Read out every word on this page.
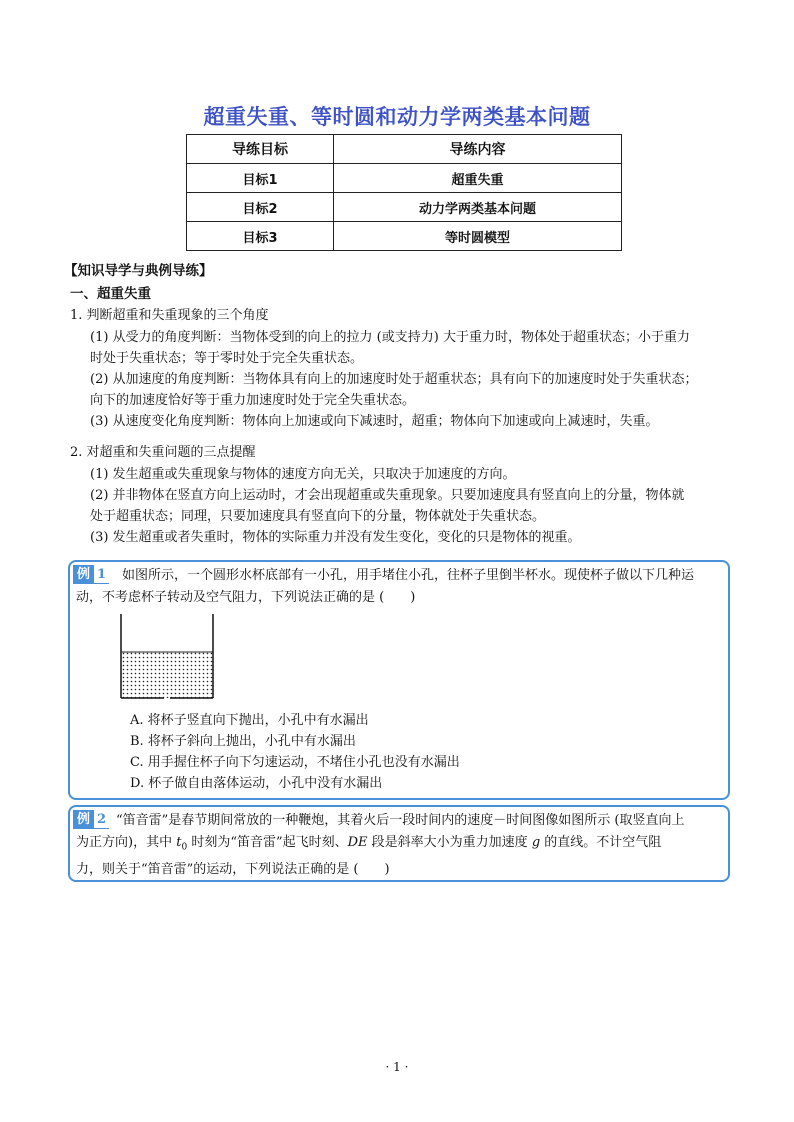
超重失重、等时圆和动力学两类基本问题
导练目标	导练内容
目标1	超重失重
目标2	动力学两类基本问题
目标3	等时圆模型
【知识导学与典例导练】
一、超重失重
1. 判断超重和失重现象的三个角度
(1) 从受力的角度判断：当物体受到的向上的拉力 (或支持力) 大于重力时，物体处于超重状态；小于重力
时处于失重状态；等于零时处于完全失重状态。
(2) 从加速度的角度判断：当物体具有向上的加速度时处于超重状态；具有向下的加速度时处于失重状态；
向下的加速度恰好等于重力加速度时处于完全失重状态。
(3) 从速度变化角度判断：物体向上加速或向下减速时，超重；物体向下加速或向上减速时，失重。
2. 对超重和失重问题的三点提醒
(1) 发生超重或失重现象与物体的速度方向无关，只取决于加速度的方向。
(2) 并非物体在竖直方向上运动时，才会出现超重或失重现象。只要加速度具有竖直向上的分量，物体就
处于超重状态；同理，只要加速度具有竖直向下的分量，物体就处于失重状态。
(3) 发生超重或者失重时，物体的实际重力并没有发生变化，变化的只是物体的视重。
如图所示，一个圆形水杯底部有一小孔，用手堵住小孔，往杯子里倒半杯水。现使杯子做以下几种运
动，不考虑杯子转动及空气阻力，下列说法正确的是 (　　)
例 1
A. 将杯子竖直向下抛出，小孔中有水漏出
B. 将杯子斜向上抛出，小孔中有水漏出
C. 用手握住杯子向下匀速运动，不堵住小孔也没有水漏出
D. 杯子做自由落体运动，小孔中没有水漏出
“笛音雷”是春节期间常放的一种鞭炮，其着火后一段时间内的速度－时间图像如图所示 (取竖直向上
为正方向)，其中 $t_0$ 时刻为“笛音雷”起飞时刻、DE 段是斜率大小为重力加速度 g 的直线。不计空气阻
力，则关于“笛音雷”的运动，下列说法正确的是 (　　)
例 2
· 1 ·
